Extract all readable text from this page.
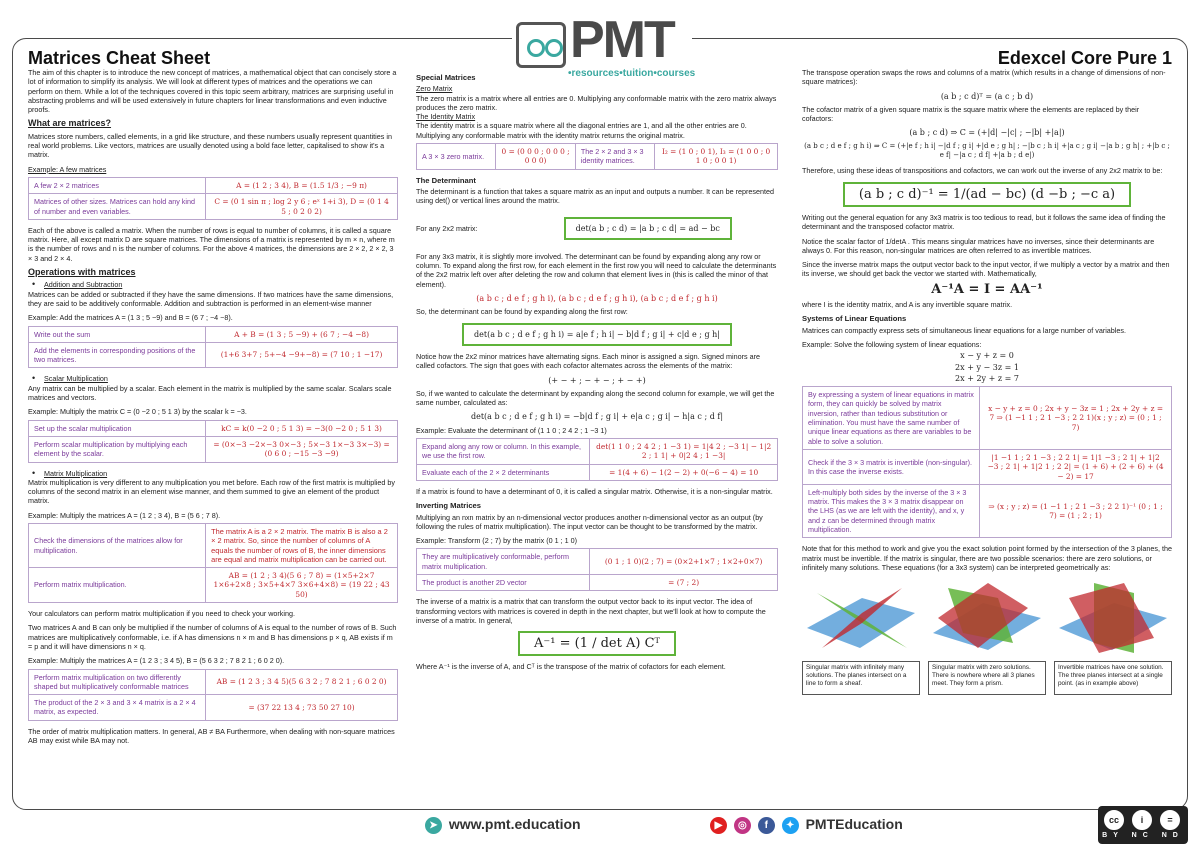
PMT
•resources•tuition•courses
Matrices Cheat Sheet	Edexcel Core Pure 1
The aim of this chapter is to introduce the new concept of matrices, a mathematical object that can concisely store a lot of information to simplify its analysis. We will look at different types of matrices and the operations we can perform on them. While a lot of the techniques covered in this topic seem arbitrary, matrices are surprising useful in abstracting problems and will be used extensively in future chapters for linear transformations and even inductive proofs.
What are matrices?
Matrices store numbers, called elements, in a grid like structure, and these numbers usually represent quantities in real world problems. Like vectors, matrices are usually denoted using a bold face letter, capitalised to show it's a matrix.
Example: A few matrices
A few 2 × 2 matrices	A = (1 2 ; 3 4), B = (1.5 1/3 ; −9 π)
Matrices of other sizes. Matrices can hold any kind of number and even variables.	C = (0 1 sin π ; log 2 y 6 ; eˣ 1+i 3), D = (0 1 4 5 ; 0 2 0 2)
Each of the above is called a matrix. When the number of rows is equal to number of columns, it is called a square matrix. Here, all except matrix D are square matrices. The dimensions of a matrix is represented by m × n, where m is the number of rows and n is the number of columns. For the above 4 matrices, the dimensions are 2 × 2, 2 × 2, 3 × 3 and 2 × 4.
Operations with matrices
• Addition and Subtraction
Matrices can be added or subtracted if they have the same dimensions. If two matrices have the same dimensions, they are said to be additively conformable. Addition and subtraction is performed in an element-wise manner
Example: Add the matrices A = (1 3 ; 5 −9) and B = (6 7 ; −4 −8).
Write out the sum	A + B = (1 3 ; 5 −9) + (6 7 ; −4 −8)
Add the elements in corresponding positions of the two matrices.	(1+6 3+7 ; 5+−4 −9+−8) = (7 10 ; 1 −17)
• Scalar Multiplication
Any matrix can be multiplied by a scalar. Each element in the matrix is multiplied by the same scalar. Scalars scale matrices and vectors.
Example: Multiply the matrix C = (0 −2 0 ; 5 1 3) by the scalar k = −3.
Set up the scalar multiplication	kC = k(0 −2 0 ; 5 1 3) = −3(0 −2 0 ; 5 1 3)
Perform scalar multiplication by multiplying each element by the scalar.	= (0×−3 −2×−3 0×−3 ; 5×−3 1×−3 3×−3) = (0 6 0 ; −15 −3 −9)
• Matrix Multiplication
Matrix multiplication is very different to any multiplication you met before. Each row of the first matrix is multiplied by columns of the second matrix in an element wise manner, and them summed to give an element of the product matrix.
Example: Multiply the matrices A = (1 2 ; 3 4), B = (5 6 ; 7 8).
Check the dimensions of the matrices allow for multiplication.	The matrix A is a 2 × 2 matrix. The matrix B is also a 2 × 2 matrix. So, since the number of columns of A equals the number of rows of B, the inner dimensions are equal and matrix multiplication can be carried out.
Perform matrix multiplication.	AB = (1 2 ; 3 4)(5 6 ; 7 8) = (1×5+2×7 1×6+2×8 ; 3×5+4×7 3×6+4×8) = (19 22 ; 43 50)
Your calculators can perform matrix multiplication if you need to check your working.
Two matrices A and B can only be multiplied if the number of columns of A is equal to the number of rows of B. Such matrices are multiplicatively conformable, i.e. if A has dimensions n × m and B has dimensions p × q, AB exists if m = p and it will have dimensions n × q.
Example: Multiply the matrices A = (1 2 3 ; 3 4 5), B = (5 6 3 2 ; 7 8 2 1 ; 6 0 2 0).
Perform matrix multiplication on two differently shaped but multiplicatively conformable matrices	AB = (1 2 3 ; 3 4 5)(5 6 3 2 ; 7 8 2 1 ; 6 0 2 0)
The product of the 2 × 3 and 3 × 4 matrix is a 2 × 4 matrix, as expected.	= (37 22 13 4 ; 73 50 27 10)
The order of matrix multiplication matters. In general, AB ≠ BA Furthermore, when dealing with non-square matrices AB may exist while BA may not.
Special Matrices
Zero Matrix
The zero matrix is a matrix where all entries are 0. Multiplying any conformable matrix with the zero matrix always produces the zero matrix.
The Identity Matrix
The identity matrix is a square matrix where all the diagonal entries are 1, and all the other entries are 0. Multiplying any conformable matrix with the identity matrix returns the original matrix.
A 3 × 3 zero matrix.	0 = (0 0 0 ; 0 0 0 ; 0 0 0)	The 2 × 2 and 3 × 3 identity matrices.	I₂ = (1 0 ; 0 1), I₃ = (1 0 0 ; 0 1 0 ; 0 0 1)
The Determinant
The determinant is a function that takes a square matrix as an input and outputs a number. It can be represented using det() or vertical lines around the matrix.
For any 2x2 matrix:	det(a b ; c d) = |a b ; c d| = ad − bc
For any 3x3 matrix, it is slightly more involved. The determinant can be found by expanding along any row or column. To expand along the first row, for each element in the first row you will need to calculate the determinants of the 2x2 matrix left over after deleting the row and column that element lives in (this is called the minor of that element).
(a b c ; d e f ; g h i), (a b c ; d e f ; g h i), (a b c ; d e f ; g h i)
So, the determinant can be found by expanding along the first row:
det(a b c ; d e f ; g h i) = a|e f ; h i| − b|d f ; g i| + c|d e ; g h|
Notice how the 2x2 minor matrices have alternating signs. Each minor is assigned a sign. Signed minors are called cofactors. The sign that goes with each cofactor alternates across the elements of the matrix:
(+ − + ; − + − ; + − +)
So, if we wanted to calculate the determinant by expanding along the second column for example, we will get the same number, calculated as:
det(a b c ; d e f ; g h i) = −b|d f ; g i| + e|a c ; g i| − h|a c ; d f|
Example: Evaluate the determinant of (1 1 0 ; 2 4 2 ; 1 −3 1)
Expand along any row or column. In this example, we use the first row.	det(1 1 0 ; 2 4 2 ; 1 −3 1) = 1|4 2 ; −3 1| − 1|2 2 ; 1 1| + 0|2 4 ; 1 −3|
Evaluate each of the 2 × 2 determinants	= 1(4 + 6) − 1(2 − 2) + 0(−6 − 4) = 10
If a matrix is found to have a determinant of 0, it is called a singular matrix. Otherwise, it is a non-singular matrix.
Inverting Matrices
Multiplying an nxn matrix by an n-dimensional vector produces another n-dimensional vector as an output (by following the rules of matrix multiplication). The input vector can be thought to be transformed by the matrix.
Example: Transform (2 ; 7) by the matrix (0 1 ; 1 0)
They are multiplicatively conformable, perform matrix multiplication.	(0 1 ; 1 0)(2 ; 7) = (0×2+1×7 ; 1×2+0×7)
The product is another 2D vector	= (7 ; 2)
The inverse of a matrix is a matrix that can transform the output vector back to its input vector. The idea of transforming vectors with matrices is covered in depth in the next chapter, but we'll look at how to compute the inverse of a matrix. In general,
A⁻¹ = (1 / det A) Cᵀ
Where A⁻¹ is the inverse of A, and Cᵀ is the transpose of the matrix of cofactors for each element.
The transpose operation swaps the rows and columns of a matrix (which results in a change of dimensions of non-square matrices):
(a b ; c d)ᵀ = (a c ; b d)
The cofactor matrix of a given square matrix is the square matrix where the elements are replaced by their cofactors:
(a b ; c d) ⇒ C = (+|d| −|c| ; −|b| +|a|)
(a b c ; d e f ; g h i) ⇒ C = (+|e f ; h i| −|d f ; g i| +|d e ; g h| ; −|b c ; h i| +|a c ; g i| −|a b ; g h| ; +|b c ; e f| −|a c ; d f| +|a b ; d e|)
Therefore, using these ideas of transpositions and cofactors, we can work out the inverse of any 2x2 matrix to be:
(a b ; c d)⁻¹ = 1/(ad − bc) (d −b ; −c a)
Writing out the general equation for any 3x3 matrix is too tedious to read, but it follows the same idea of finding the determinant and the transposed cofactor matrix.
Notice the scalar factor of 1/detA . This means singular matrices have no inverses, since their determinants are always 0. For this reason, non-singular matrices are often referred to as invertible matrices.
Since the inverse matrix maps the output vector back to the input vector, if we multiply a vector by a matrix and then its inverse, we should get back the vector we started with. Mathematically,
A⁻¹A = I = AA⁻¹
where I is the identity matrix, and A is any invertible square matrix.
Systems of Linear Equations
Matrices can compactly express sets of simultaneous linear equations for a large number of variables.
Example: Solve the following system of linear equations:
x − y + z = 0
2x + y − 3z = 1
2x + 2y + z = 7
By expressing a system of linear equations in matrix form, they can quickly be solved by matrix inversion, rather than tedious substitution or elimination. You must have the same number of unique linear equations as there are variables to be able to solve a solution.	x − y + z = 0 ; 2x + y − 3z = 1 ; 2x + 2y + z = 7 ⇒ (1 −1 1 ; 2 1 −3 ; 2 2 1)(x ; y ; z) = (0 ; 1 ; 7)
Check if the 3 × 3 matrix is invertible (non-singular). In this case the inverse exists.	|1 −1 1 ; 2 1 −3 ; 2 2 1| = 1|1 −3 ; 2 1| + 1|2 −3 ; 2 1| + 1|2 1 ; 2 2| = (1 + 6) + (2 + 6) + (4 − 2) = 17
Left-multiply both sides by the inverse of the 3 × 3 matrix. This makes the 3 × 3 matrix disappear on the LHS (as we are left with the identity), and x, y and z can be determined through matrix multiplication.	⇒ (x ; y ; z) = (1 −1 1 ; 2 1 −3 ; 2 2 1)⁻¹ (0 ; 1 ; 7) = (1 ; 2 ; 1)
Note that for this method to work and give you the exact solution point formed by the intersection of the 3 planes, the matrix must be invertible. If the matrix is singular, there are two possible scenarios: there are zero solutions, or infinitely many solutions. These equations (for a 3x3 system) can be interpreted geometrically as:
Singular matrix with infinitely many solutions. The planes intersect on a line to form a sheaf.
Singular matrix with zero solutions. There is nowhere where all 3 planes meet. They form a prism.
Invertible matrices have one solution. The three planes intersect at a single point. (as in example above)
➤ www.pmt.education	▶ ◎ f ✦ PMTEducation	cc	i	=
BY NC ND
